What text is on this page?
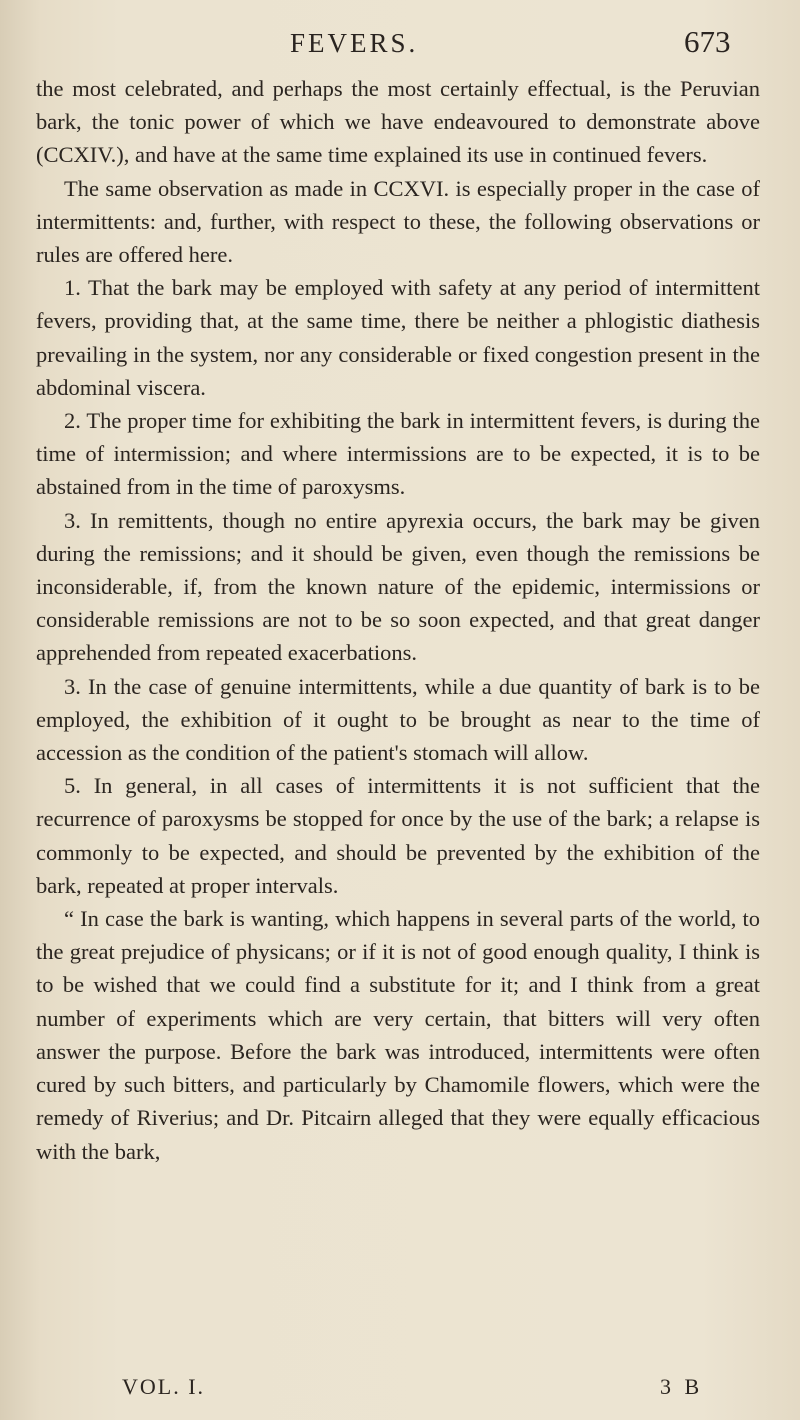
FEVERS.	673

the most celebrated, and perhaps the most certainly effectual, is the Peruvian bark, the tonic power of which we have endeavoured to demonstrate above (CCXIV.), and have at the same time explained its use in continued fevers.

The same observation as made in CCXVI. is especially proper in the case of intermittents: and, further, with respect to these, the following observations or rules are offered here.

1. That the bark may be employed with safety at any period of intermittent fevers, providing that, at the same time, there be neither a phlogistic diathesis prevailing in the system, nor any considerable or fixed congestion present in the abdominal viscera.

2. The proper time for exhibiting the bark in intermittent fevers, is during the time of intermission; and where intermissions are to be expected, it is to be abstained from in the time of paroxysms.

3. In remittents, though no entire apyrexia occurs, the bark may be given during the remissions; and it should be given, even though the remissions be inconsiderable, if, from the known nature of the epidemic, intermissions or considerable remissions are not to be so soon expected, and that great danger apprehended from repeated exacerbations.

3. In the case of genuine intermittents, while a due quantity of bark is to be employed, the exhibition of it ought to be brought as near to the time of accession as the condition of the patient's stomach will allow.

5. In general, in all cases of intermittents it is not sufficient that the recurrence of paroxysms be stopped for once by the use of the bark; a relapse is commonly to be expected, and should be prevented by the exhibition of the bark, repeated at proper intervals.

“ In case the bark is wanting, which happens in several parts of the world, to the great prejudice of physicans; or if it is not of good enough quality, I think is to be wished that we could find a substitute for it; and I think from a great number of experiments which are very certain, that bitters will very often answer the purpose. Before the bark was introduced, intermittents were often cured by such bitters, and particularly by Chamomile flowers, which were the remedy of Riverius; and Dr. Pitcairn alleged that they were equally efficacious with the bark,

VOL. I.	3 B
